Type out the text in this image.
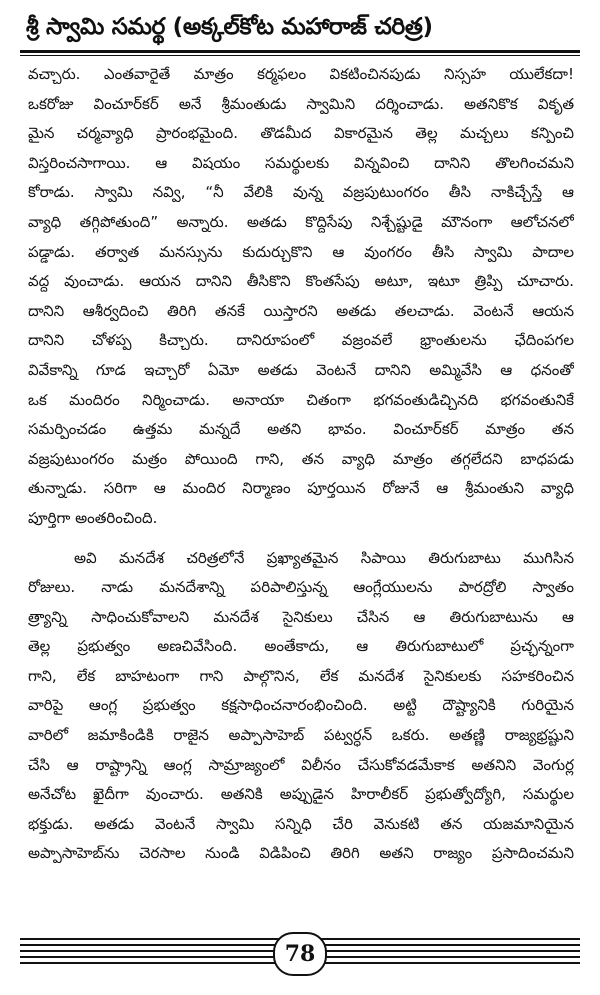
శ్రీ స్వామి సమర్థ (అక్కల్‌కోట మహారాజ్ చరిత్ర)
వచ్చారు. ఎంతవారైతే మాత్రం కర్మఫలం వికటించినపుడు నిస్సహ యులేకదా!
ఒకరోజు వించూర్‌కర్ అనే శ్రీమంతుడు స్వామిని దర్శించాడు. అతనికొక వికృత
మైన చర్మవ్యాధి ప్రారంభమైంది. తొడమీద వికారమైన తెల్ల మచ్చలు కన్పించి
విస్తరించసాగాయి. ఆ విషయం సమర్థులకు విన్నవించి దానిని తొలగించమని
కోరాడు. స్వామి నవ్వి, “నీ వేలికి వున్న వజ్రపుటుంగరం తీసి నాకిచ్చేస్తే ఆ
వ్యాధి తగ్గిపోతుంది” అన్నారు. అతడు కొద్దిసేపు నిశ్చేష్టుడై మౌనంగా ఆలోచనలో
పడ్డాడు. తర్వాత మనస్సును కుదుర్చుకొని ఆ వుంగరం తీసి స్వామి పాదాల
వద్ద వుంచాడు. ఆయన దానిని తీసికొని కొంతసేపు అటూ, ఇటూ త్రిప్పి చూచారు.
దానిని ఆశీర్వదించి తిరిగి తనకే యిస్తారని అతడు తలచాడు. వెంటనే ఆయన
దానిని చోళప్ప కిచ్చారు. దానిరూపంలో వజ్రంవలే భ్రాంతులను ఛేదింపగల
వివేకాన్ని గూడ ఇచ్చారో ఏమో అతడు వెంటనే దానిని అమ్మివేసి ఆ ధనంతో
ఒక మందిరం నిర్మించాడు. అనాయా చితంగా భగవంతుడిచ్చినది భగవంతునికే
సమర్పించడం ఉత్తమ మన్నదే అతని భావం. వించూర్‌కర్ మాత్రం తన
వజ్రపుటుంగరం మత్రం పోయింది గాని, తన వ్యాధి మాత్రం తగ్గలేదని బాధపడు
తున్నాడు. సరిగా ఆ మందిర నిర్మాణం పూర్తయిన రోజునే ఆ శ్రీమంతుని వ్యాధి
పూర్తిగా అంతరించింది.
అవి మనదేశ చరిత్రలోనే ప్రఖ్యాతమైన సిపాయి తిరుగుబాటు ముగిసిన
రోజులు. నాడు మనదేశాన్ని పరిపాలిస్తున్న ఆంగ్లేయులను పారద్రోలి స్వాతం
త్ర్యాన్ని సాధించుకోవాలని మనదేశ సైనికులు చేసిన ఆ తిరుగుబాటును ఆ
తెల్ల ప్రభుత్వం అణచివేసింది. అంతేకాదు, ఆ తిరుగుబాటులో ప్రచ్ఛన్నంగా
గాని, లేక బాహటంగా గాని పాల్గొనిన, లేక మనదేశ సైనికులకు సహకరించిన
వారిపై ఆంగ్ల ప్రభుత్వం కక్షసాధించనారంభించింది. అట్టి దౌష్ట్యానికి గురియైన
వారిలో జమాకిండికి రాజైన అప్పాసాహెబ్ పట్వర్ధన్ ఒకరు. అతణ్ణి రాజ్యభ్రష్టుని
చేసి ఆ రాష్ట్రాన్ని ఆంగ్ల సామ్రాజ్యంలో విలీనం చేసుకోవడమేకాక అతనిని వెంగుర్ల
అనేచోట ఖైదీగా వుంచారు. అతనికి అప్పుడైన హిరాలీకర్ ప్రభుత్వోద్యోగి, సమర్థుల
భక్తుడు. అతడు వెంటనే స్వామి సన్నిధి చేరి వెనుకటి తన యజమానియైన
అప్పాసాహెబ్‌ను చెరసాల నుండి విడిపించి తిరిగి అతని రాజ్యం ప్రసాదించమని
78
